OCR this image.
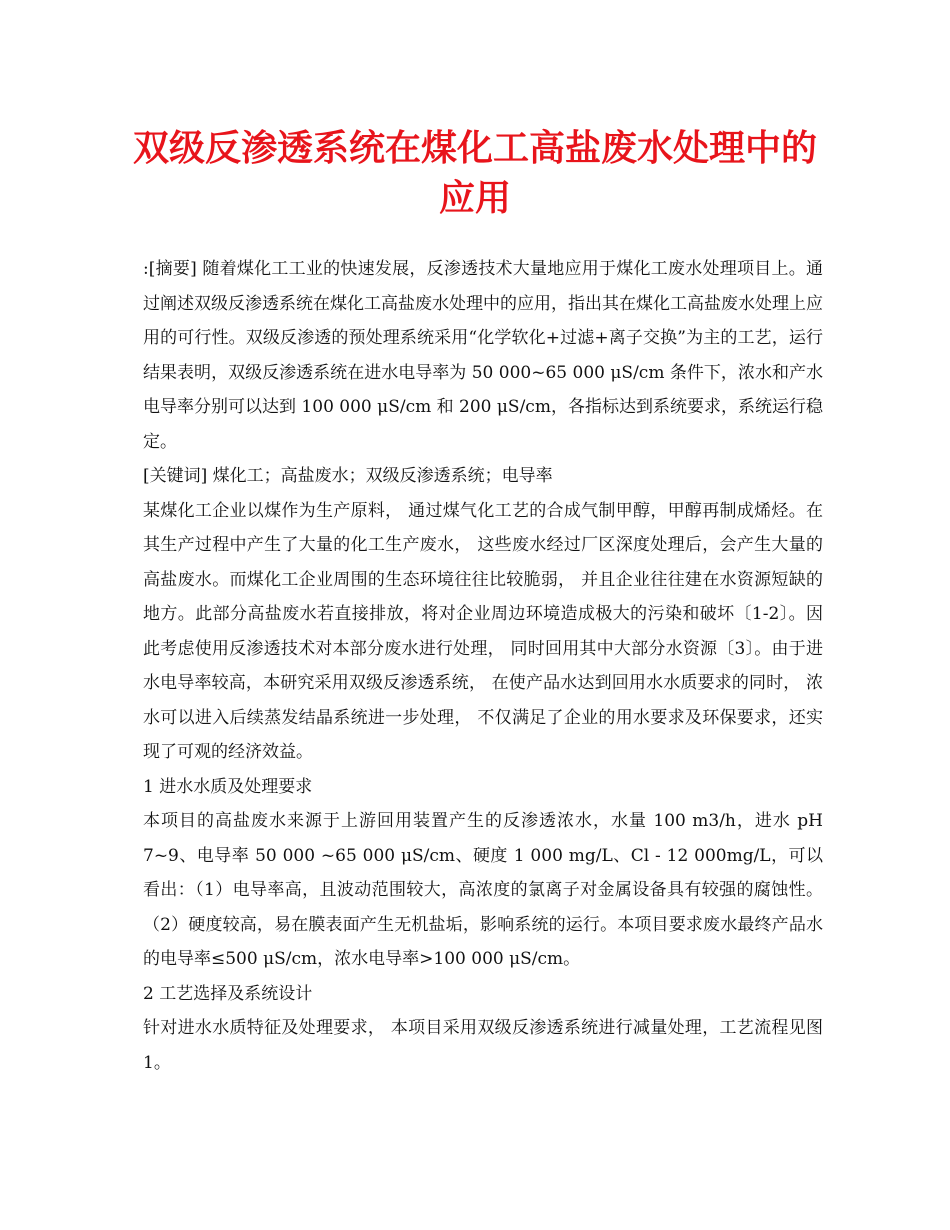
双级反渗透系统在煤化工高盐废水处理中的应用

:[摘要] 随着煤化工工业的快速发展，反渗透技术大量地应用于煤化工废水处理项目上。通过阐述双级反渗透系统在煤化工高盐废水处理中的应用，指出其在煤化工高盐废水处理上应用的可行性。双级反渗透的预处理系统采用“化学软化+过滤+离子交换”为主的工艺，运行结果表明，双级反渗透系统在进水电导率为 50 000~65 000 μS/cm 条件下，浓水和产水电导率分别可以达到 100 000 μS/cm 和 200 μS/cm，各指标达到系统要求，系统运行稳定。

[关键词] 煤化工；高盐废水；双级反渗透系统；电导率

某煤化工企业以煤作为生产原料， 通过煤气化工艺的合成气制甲醇，甲醇再制成烯烃。在其生产过程中产生了大量的化工生产废水， 这些废水经过厂区深度处理后，会产生大量的高盐废水。而煤化工企业周围的生态环境往往比较脆弱， 并且企业往往建在水资源短缺的地方。此部分高盐废水若直接排放，将对企业周边环境造成极大的污染和破坏〔1-2〕。因此考虑使用反渗透技术对本部分废水进行处理， 同时回用其中大部分水资源〔3〕。由于进水电导率较高，本研究采用双级反渗透系统， 在使产品水达到回用水水质要求的同时， 浓水可以进入后续蒸发结晶系统进一步处理， 不仅满足了企业的用水要求及环保要求，还实现了可观的经济效益。

1 进水水质及处理要求

本项目的高盐废水来源于上游回用装置产生的反渗透浓水，水量 100 m3/h，进水 pH 7~9、电导率 50 000 ~65 000 μS/cm、硬度 1 000 mg/L、Cl - 12 000mg/L，可以看出：（1）电导率高，且波动范围较大，高浓度的氯离子对金属设备具有较强的腐蚀性。（2）硬度较高，易在膜表面产生无机盐垢，影响系统的运行。本项目要求废水最终产品水的电导率≤500 μS/cm，浓水电导率>100 000 μS/cm。

2 工艺选择及系统设计

针对进水水质特征及处理要求， 本项目采用双级反渗透系统进行减量处理，工艺流程见图1。
